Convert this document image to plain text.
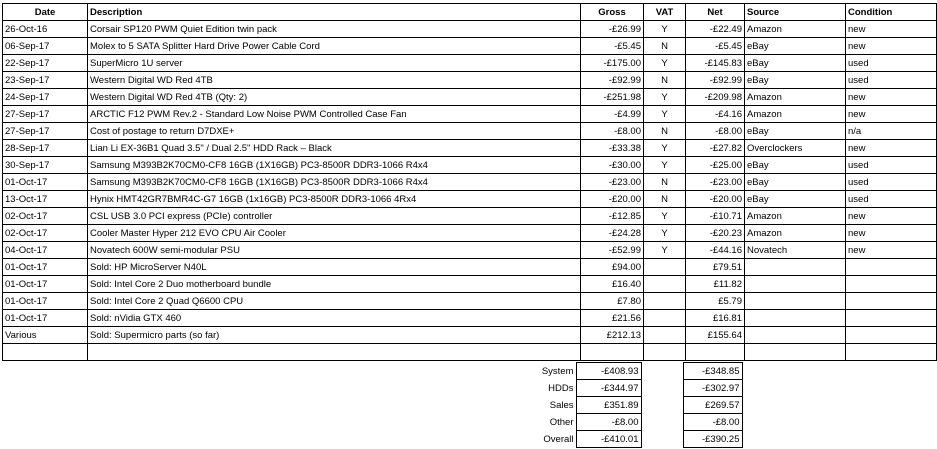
Date	Description	Gross	VAT	Net	Source	Condition
26-Oct-16	Corsair SP120 PWM Quiet Edition twin pack	-£26.99	Y	-£22.49	Amazon	new
06-Sep-17	Molex to 5 SATA Splitter Hard Drive Power Cable Cord	-£5.45	N	-£5.45	eBay	new
22-Sep-17	SuperMicro 1U server	-£175.00	Y	-£145.83	eBay	used
23-Sep-17	Western Digital WD Red 4TB	-£92.99	N	-£92.99	eBay	used
24-Sep-17	Western Digital WD Red 4TB (Qty: 2)	-£251.98	Y	-£209.98	Amazon	new
27-Sep-17	ARCTIC F12 PWM Rev.2 - Standard Low Noise PWM Controlled Case Fan	-£4.99	Y	-£4.16	Amazon	new
27-Sep-17	Cost of postage to return D7DXE+	-£8.00	N	-£8.00	eBay	n/a
28-Sep-17	Lian Li EX-36B1 Quad 3.5" / Dual 2.5" HDD Rack – Black	-£33.38	Y	-£27.82	Overclockers	new
30-Sep-17	Samsung M393B2K70CM0-CF8 16GB (1X16GB) PC3-8500R DDR3-1066 R4x4	-£30.00	Y	-£25.00	eBay	used
01-Oct-17	Samsung M393B2K70CM0-CF8 16GB (1X16GB) PC3-8500R DDR3-1066 R4x4	-£23.00	N	-£23.00	eBay	used
13-Oct-17	Hynix HMT42GR7BMR4C-G7 16GB (1x16GB) PC3-8500R DDR3-1066 4Rx4	-£20.00	N	-£20.00	eBay	used
02-Oct-17	CSL USB 3.0 PCI express (PCIe) controller	-£12.85	Y	-£10.71	Amazon	new
02-Oct-17	Cooler Master Hyper 212 EVO CPU Air Cooler	-£24.28	Y	-£20.23	Amazon	new
04-Oct-17	Novatech 600W semi-modular PSU	-£52.99	Y	-£44.16	Novatech	new
01-Oct-17	Sold: HP MicroServer N40L	£94.00		£79.51		
01-Oct-17	Sold: Intel Core 2 Duo motherboard bundle	£16.40		£11.82		
01-Oct-17	Sold: Intel Core 2 Quad Q6600 CPU	£7.80		£5.79		
01-Oct-17	Sold: nVidia GTX 460	£21.56		£16.81		
Various	Sold: Supermicro parts (so far)	£212.13		£155.64		

System	-£408.93		-£348.85
HDDs	-£344.97		-£302.97
Sales	£351.89		£269.57
Other	-£8.00		-£8.00
Overall	-£410.01		-£390.25
